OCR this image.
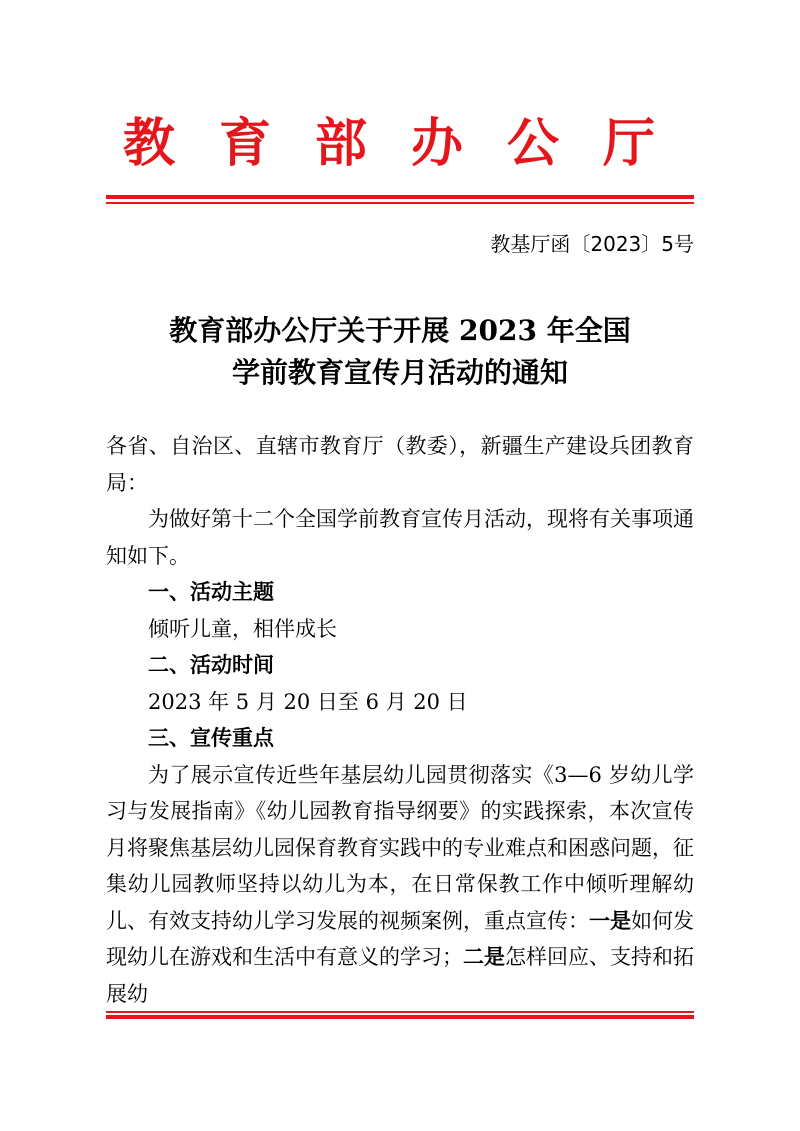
教育部办公厅
教基厅函〔2023〕5号
教育部办公厅关于开展 2023 年全国
学前教育宣传月活动的通知

各省、自治区、直辖市教育厅（教委），新疆生产建设兵团教育局：

为做好第十二个全国学前教育宣传月活动，现将有关事项通知如下。

一、活动主题

倾听儿童，相伴成长

二、活动时间

2023 年 5 月 20 日至 6 月 20 日

三、宣传重点

为了展示宣传近些年基层幼儿园贯彻落实《3—6 岁幼儿学习与发展指南》《幼儿园教育指导纲要》的实践探索，本次宣传月将聚焦基层幼儿园保育教育实践中的专业难点和困惑问题，征集幼儿园教师坚持以幼儿为本，在日常保教工作中倾听理解幼儿、有效支持幼儿学习发展的视频案例，重点宣传：一是如何发现幼儿在游戏和生活中有意义的学习；二是怎样回应、支持和拓展幼
